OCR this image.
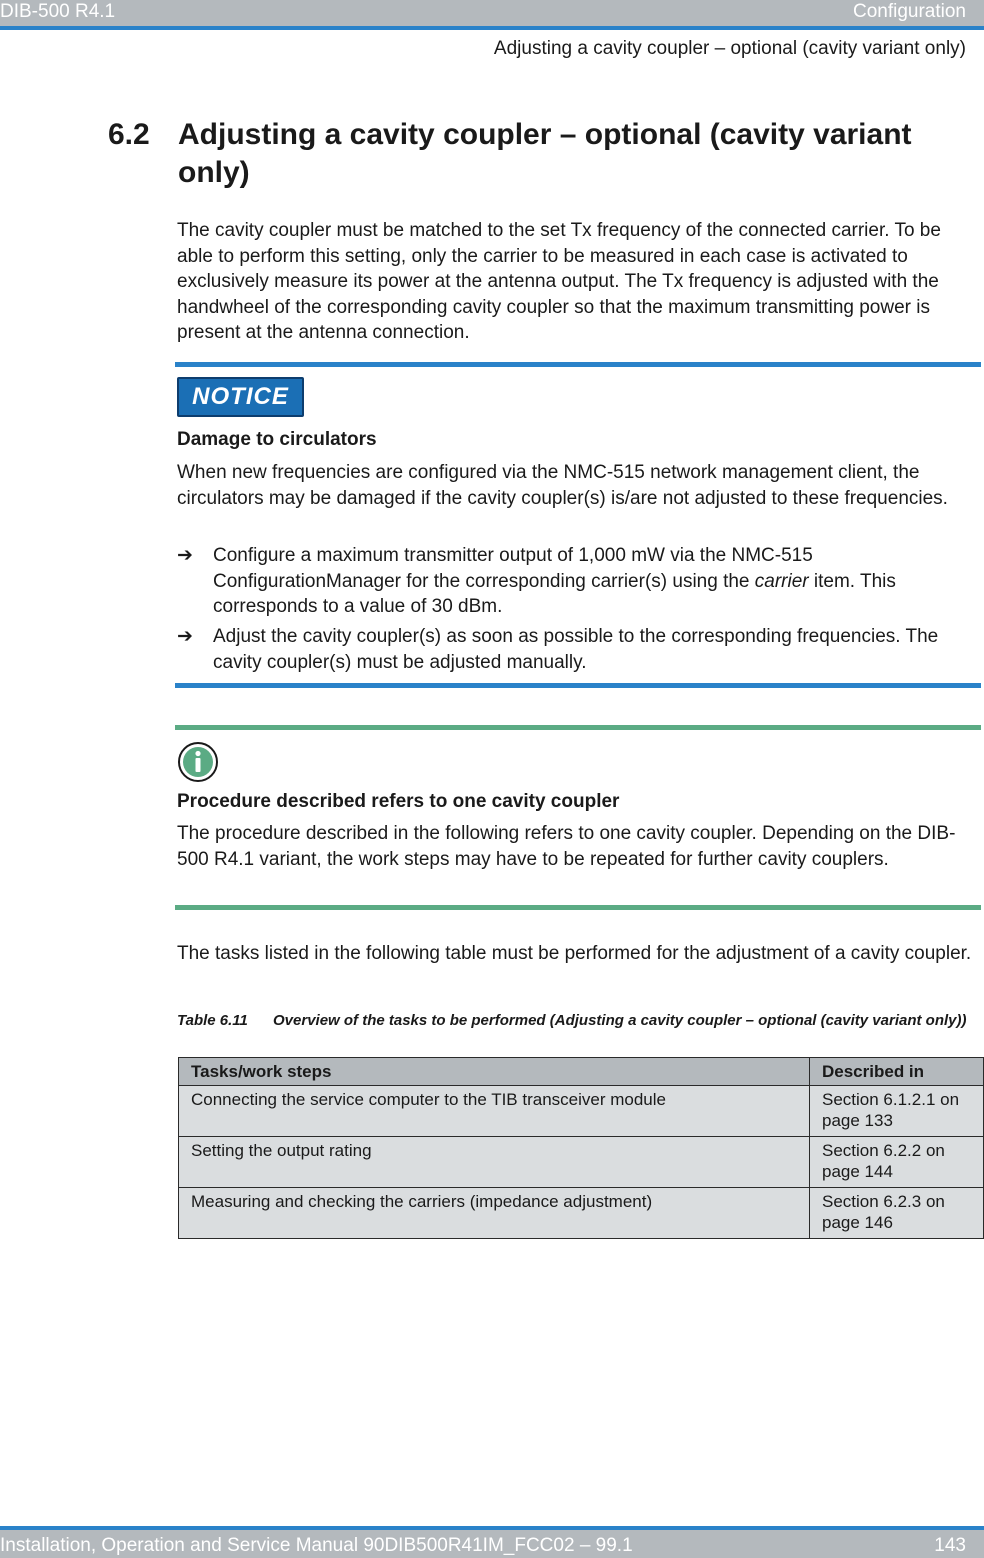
DIB-500 R4.1	Configuration
Adjusting a cavity coupler – optional (cavity variant only)
6.2 Adjusting a cavity coupler – optional (cavity variant only)
The cavity coupler must be matched to the set Tx frequency of the connected carrier. To be able to perform this setting, only the carrier to be measured in each case is activated to exclusively measure its power at the antenna output. The Tx frequency is adjusted with the handwheel of the corresponding cavity coupler so that the maximum transmitting power is present at the antenna connection.
NOTICE
Damage to circulators
When new frequencies are configured via the NMC-515 network management client, the circulators may be damaged if the cavity coupler(s) is/are not adjusted to these frequencies.
➔ Configure a maximum transmitter output of 1,000 mW via the NMC-515 ConfigurationManager for the corresponding carrier(s) using the carrier item. This corresponds to a value of 30 dBm.
➔ Adjust the cavity coupler(s) as soon as possible to the corresponding frequencies. The cavity coupler(s) must be adjusted manually.
Procedure described refers to one cavity coupler
The procedure described in the following refers to one cavity coupler. Depending on the DIB-500 R4.1 variant, the work steps may have to be repeated for further cavity couplers.
The tasks listed in the following table must be performed for the adjustment of a cavity coupler.
Table 6.11 Overview of the tasks to be performed (Adjusting a cavity coupler – optional (cavity variant only))
Tasks/work steps	Described in
Connecting the service computer to the TIB transceiver module	Section 6.1.2.1 on page 133
Setting the output rating	Section 6.2.2 on page 144
Measuring and checking the carriers (impedance adjustment)	Section 6.2.3 on page 146
Installation, Operation and Service Manual 90DIB500R41IM_FCC02 – 99.1	143
